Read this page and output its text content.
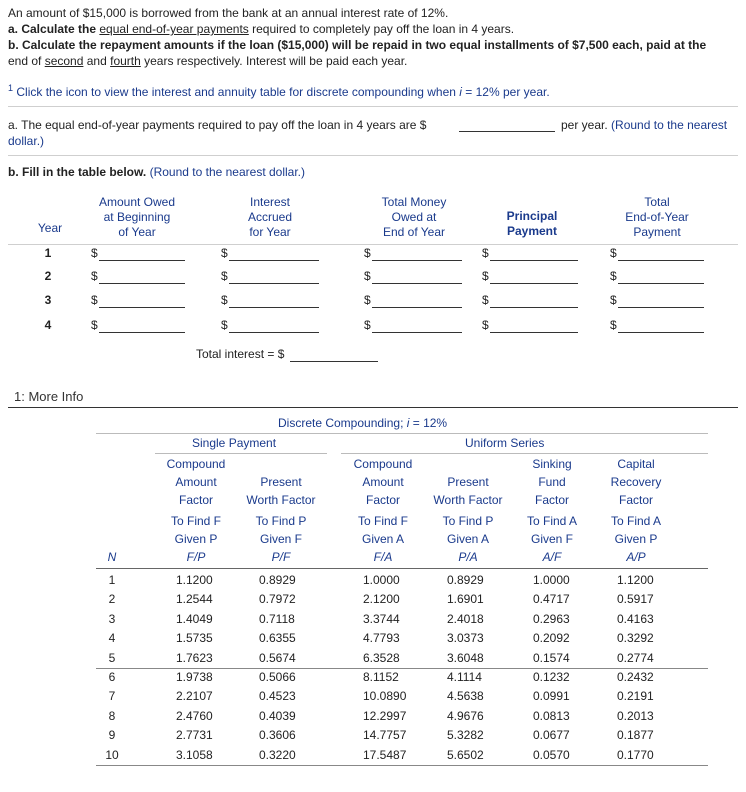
An amount of $15,000 is borrowed from the bank at an annual interest rate of 12%.
a. Calculate the equal end-of-year payments required to completely pay off the loan in 4 years.
b. Calculate the repayment amounts if the loan ($15,000) will be repaid in two equal installments of $7,500 each, paid at the
end of second and fourth years respectively. Interest will be paid each year.
$^1$ Click the icon to view the interest and annuity table for discrete compounding when i = 12% per year.
a. The equal end-of-year payments required to pay off the loan in 4 years are $	per year. (Round to the nearest
dollar.)
b. Fill in the table below. (Round to the nearest dollar.)
Year
Amount Owed
at Beginning
of Year
Interest
Accrued
for Year
Total Money
Owed at
End of Year
Principal
Payment
Total
End-of-Year
Payment
1	$	$	$	$	$
2	$	$	$	$	$
3	$	$	$	$	$
4	$	$	$	$	$
Total interest = $
1: More Info
Discrete Compounding; i = 12%
Single Payment	Uniform Series
Compound
Amount
Factor
To Find F
Given P
F/P
Present
Worth Factor
To Find P
Given F
P/F
Compound
Amount
Factor
To Find F
Given A
F/A
Present
Worth Factor
To Find P
Given A
P/A
Sinking
Fund
Factor
To Find A
Given F
A/F
Capital
Recovery
Factor
To Find A
Given P
A/P
N
1	1.1200	0.8929	1.0000	0.8929	1.0000	1.1200
2	1.2544	0.7972	2.1200	1.6901	0.4717	0.5917
3	1.4049	0.7118	3.3744	2.4018	0.2963	0.4163
4	1.5735	0.6355	4.7793	3.0373	0.2092	0.3292
5	1.7623	0.5674	6.3528	3.6048	0.1574	0.2774
6	1.9738	0.5066	8.1152	4.1114	0.1232	0.2432
7	2.2107	0.4523	10.0890	4.5638	0.0991	0.2191
8	2.4760	0.4039	12.2997	4.9676	0.0813	0.2013
9	2.7731	0.3606	14.7757	5.3282	0.0677	0.1877
10	3.1058	0.3220	17.5487	5.6502	0.0570	0.1770
